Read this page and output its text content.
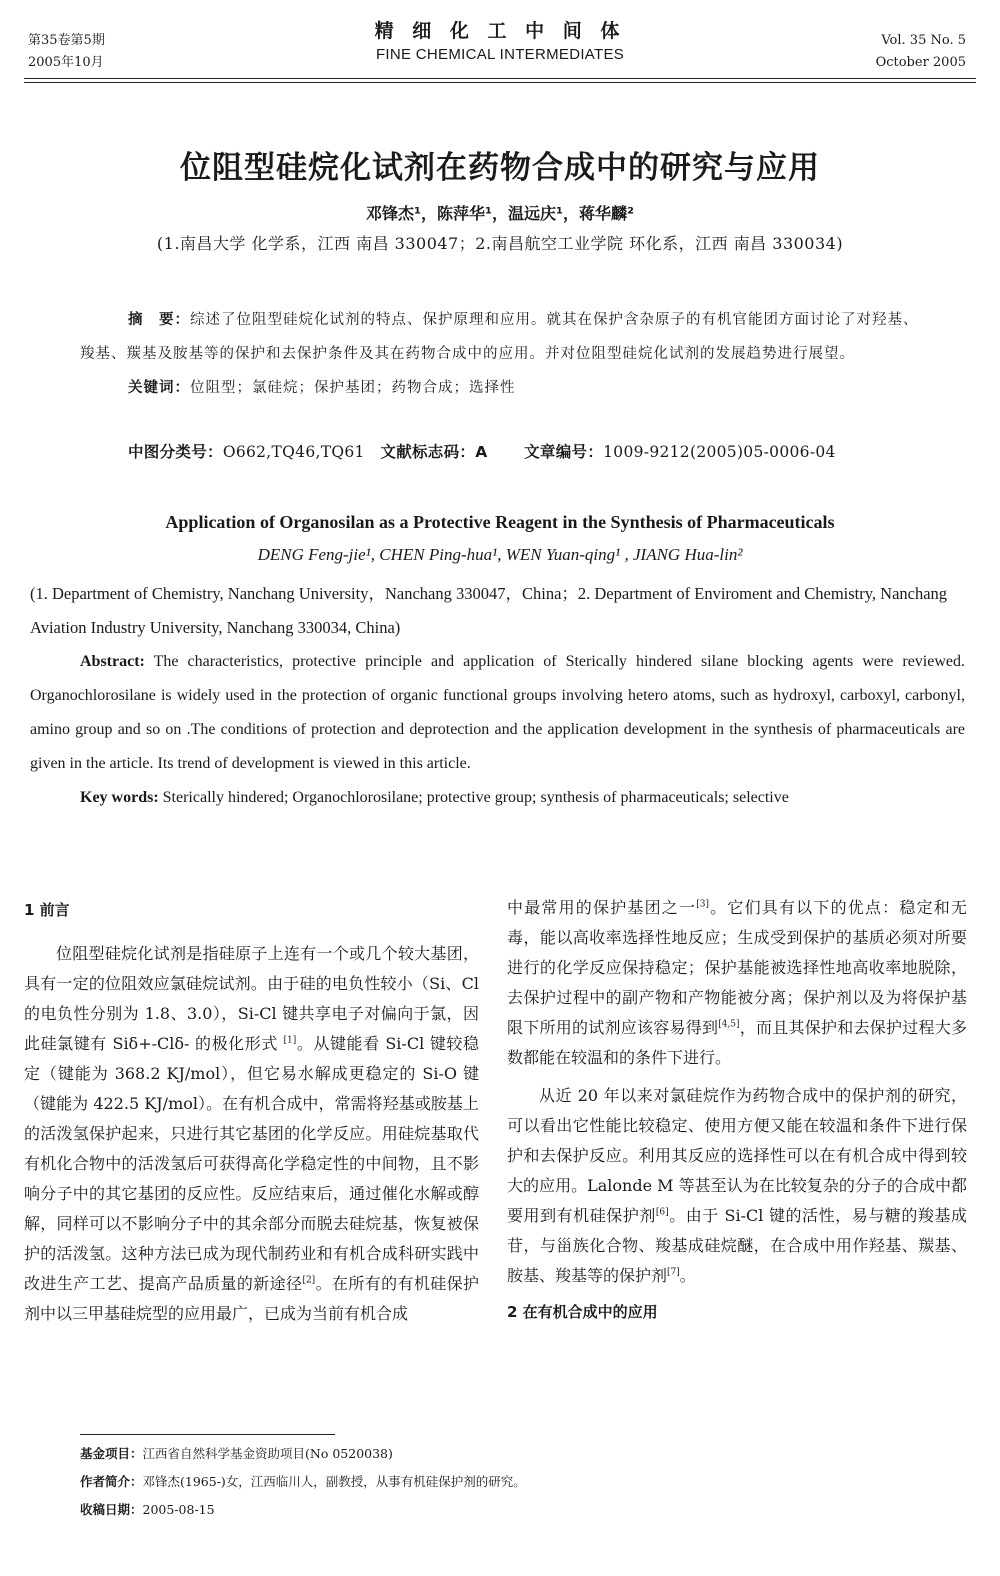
第35卷第5期
2005年10月
精 细 化 工 中 间 体
FINE CHEMICAL INTERMEDIATES
Vol. 35 No. 5
October 2005
位阻型硅烷化试剂在药物合成中的研究与应用
邓锋杰¹，陈萍华¹，温远庆¹，蒋华麟²
(1.南昌大学 化学系，江西 南昌 330047；2.南昌航空工业学院 环化系，江西 南昌 330034)

摘　要：综述了位阻型硅烷化试剂的特点、保护原理和应用。就其在保护含杂原子的有机官能团方面讨论了对羟基、羧基、羰基及胺基等的保护和去保护条件及其在药物合成中的应用。并对位阻型硅烷化试剂的发展趋势进行展望。

关键词：位阻型；氯硅烷；保护基团；药物合成；选择性

中图分类号：O662,TQ46,TQ61 文献标志码：A 文章编号：1009-9212(2005)05-0006-04
Application of Organosilan as a Protective Reagent in the Synthesis of Pharmaceuticals
DENG Feng-jie¹, CHEN Ping-hua¹, WEN Yuan-qing¹ , JIANG Hua-lin²
(1. Department of Chemistry, Nanchang University，Nanchang 330047，China；2. Department of Enviroment and Chemistry, Nanchang Aviation Industry University, Nanchang 330034, China)

Abstract: The characteristics, protective principle and application of Sterically hindered silane blocking agents were reviewed. Organochlorosilane is widely used in the protection of organic functional groups involving hetero atoms, such as hydroxyl, carboxyl, carbonyl, amino group and so on .The conditions of protection and deprotection and the application development in the synthesis of pharmaceuticals are given in the article. Its trend of development is viewed in this article.

Key words: Sterically hindered; Organochlorosilane; protective group; synthesis of pharmaceuticals; selective

1 前言

位阻型硅烷化试剂是指硅原子上连有一个或几个较大基团，具有一定的位阻效应氯硅烷试剂。由于硅的电负性较小（Si、Cl 的电负性分别为 1.8、3.0），Si-Cl 键共享电子对偏向于氯，因此硅氯键有 Siδ+-Clδ- 的极化形式 [1]。从键能看 Si-Cl 键较稳定（键能为 368.2 KJ/mol），但它易水解成更稳定的 Si-O 键（键能为 422.5 KJ/mol）。在有机合成中，常需将羟基或胺基上的活泼氢保护起来，只进行其它基团的化学反应。用硅烷基取代有机化合物中的活泼氢后可获得高化学稳定性的中间物，且不影响分子中的其它基团的反应性。反应结束后，通过催化水解或醇解，同样可以不影响分子中的其余部分而脱去硅烷基，恢复被保护的活泼氢。这种方法已成为现代制药业和有机合成科研实践中改进生产工艺、提高产品质量的新途径[2]。在所有的有机硅保护剂中以三甲基硅烷型的应用最广，已成为当前有机合成

中最常用的保护基团之一[3]。它们具有以下的优点：稳定和无毒，能以高收率选择性地反应；生成受到保护的基质必须对所要进行的化学反应保持稳定；保护基能被选择性地高收率地脱除，去保护过程中的副产物和产物能被分离；保护剂以及为将保护基限下所用的试剂应该容易得到[4,5]，而且其保护和去保护过程大多数都能在较温和的条件下进行。

从近 20 年以来对氯硅烷作为药物合成中的保护剂的研究，可以看出它性能比较稳定、使用方便又能在较温和条件下进行保护和去保护反应。利用其反应的选择性可以在有机合成中得到较大的应用。Lalonde M 等甚至认为在比较复杂的分子的合成中都要用到有机硅保护剂[6]。由于 Si-Cl 键的活性，易与糖的羧基成苷，与甾族化合物、羧基成硅烷醚，在合成中用作羟基、羰基、胺基、羧基等的保护剂[7]。

2 在有机合成中的应用

基金项目：江西省自然科学基金资助项目(No 0520038)

作者简介：邓锋杰(1965-)女，江西临川人，副教授，从事有机硅保护剂的研究。

收稿日期：2005-08-15
